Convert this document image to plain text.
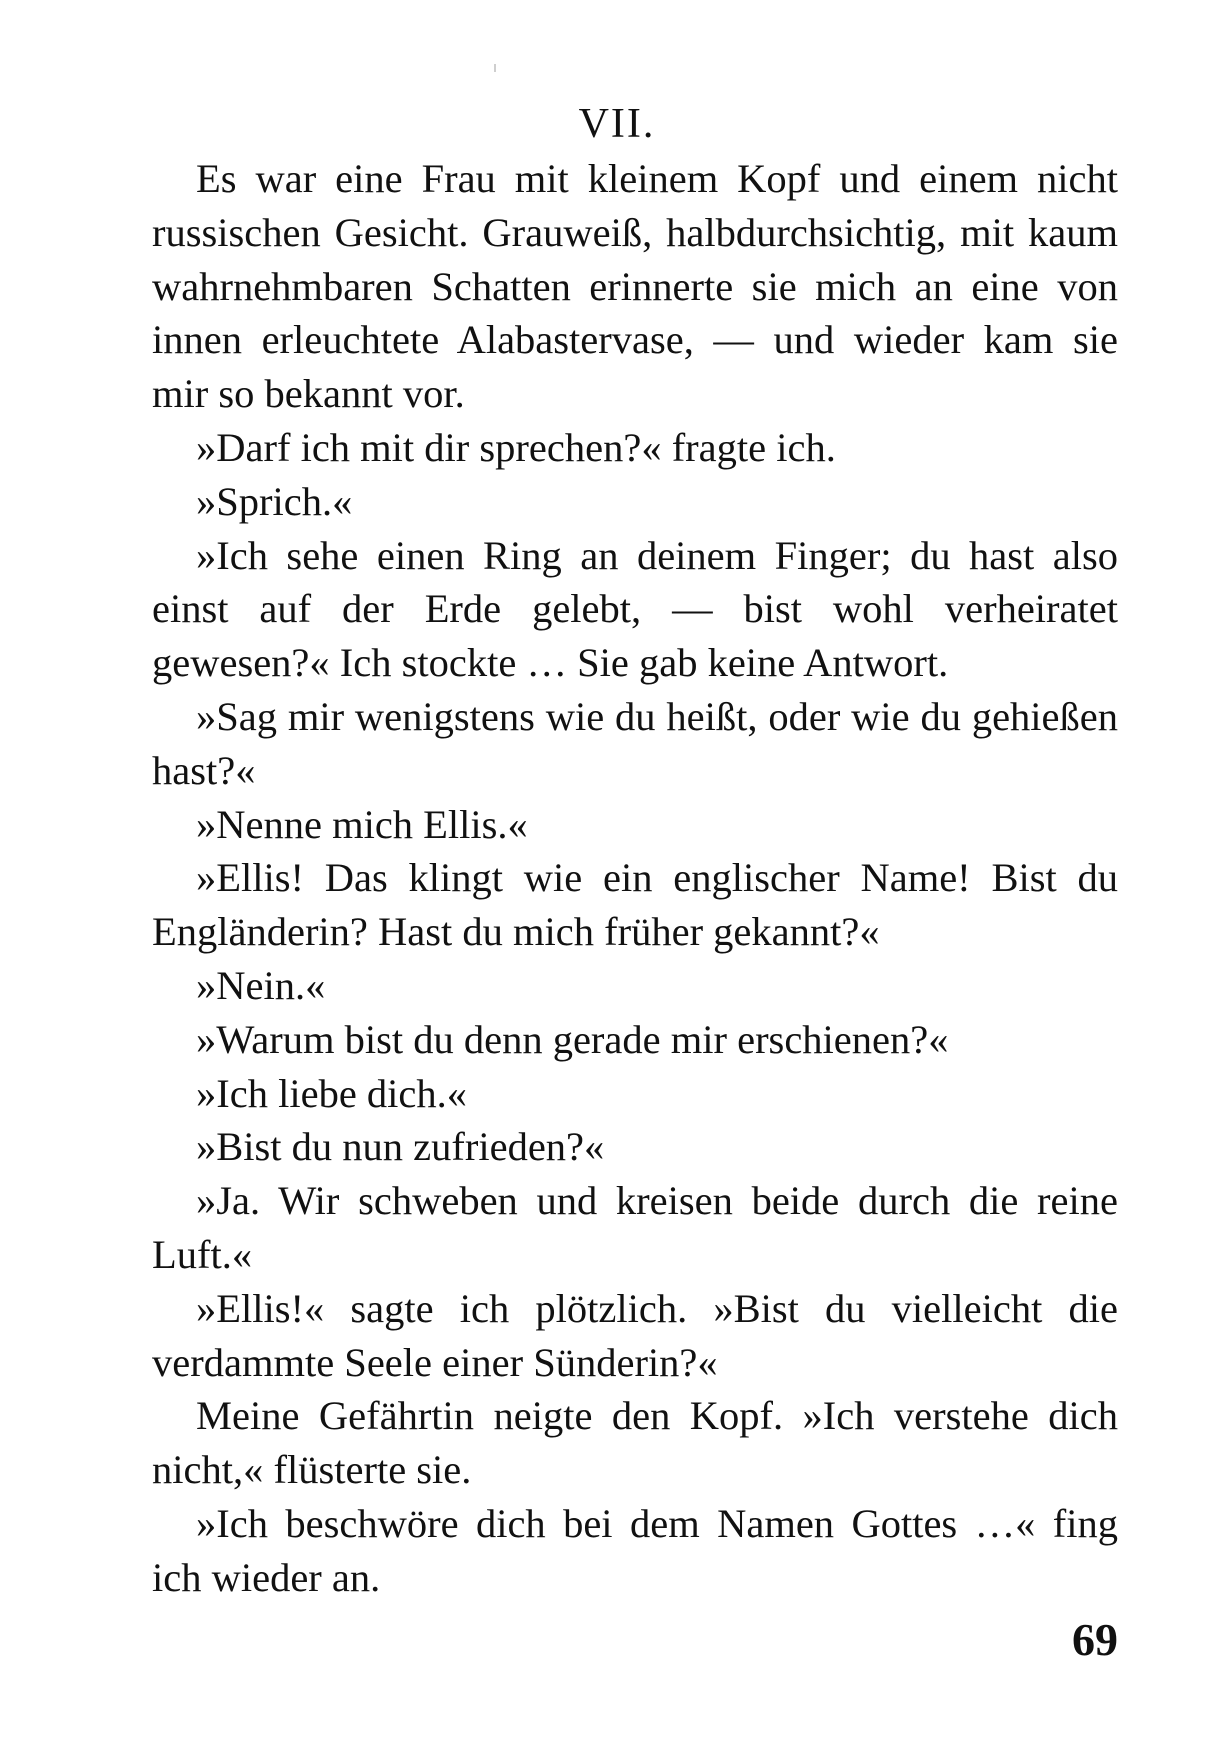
VII.

Es war eine Frau mit kleinem Kopf und einem nicht russischen Gesicht. Grauweiß, halbdurchsichtig, mit kaum wahrnehmbaren Schatten erinnerte sie mich an eine von innen erleuchtete Alabastervase, — und wieder kam sie mir so bekannt vor.

»Darf ich mit dir sprechen?« fragte ich.

»Sprich.«

»Ich sehe einen Ring an deinem Finger; du hast also einst auf der Erde gelebt, — bist wohl verheiratet gewesen?« Ich stockte … Sie gab keine Antwort.

»Sag mir wenigstens wie du heißt, oder wie du gehießen hast?«

»Nenne mich Ellis.«

»Ellis! Das klingt wie ein englischer Name! Bist du Engländerin? Hast du mich früher gekannt?«

»Nein.«

»Warum bist du denn gerade mir erschienen?«

»Ich liebe dich.«

»Bist du nun zufrieden?«

»Ja. Wir schweben und kreisen beide durch die reine Luft.«

»Ellis!« sagte ich plötzlich. »Bist du vielleicht die verdammte Seele einer Sünderin?«

Meine Gefährtin neigte den Kopf. »Ich verstehe dich nicht,« flüsterte sie.

»Ich beschwöre dich bei dem Namen Gottes …« fing ich wieder an.

69
